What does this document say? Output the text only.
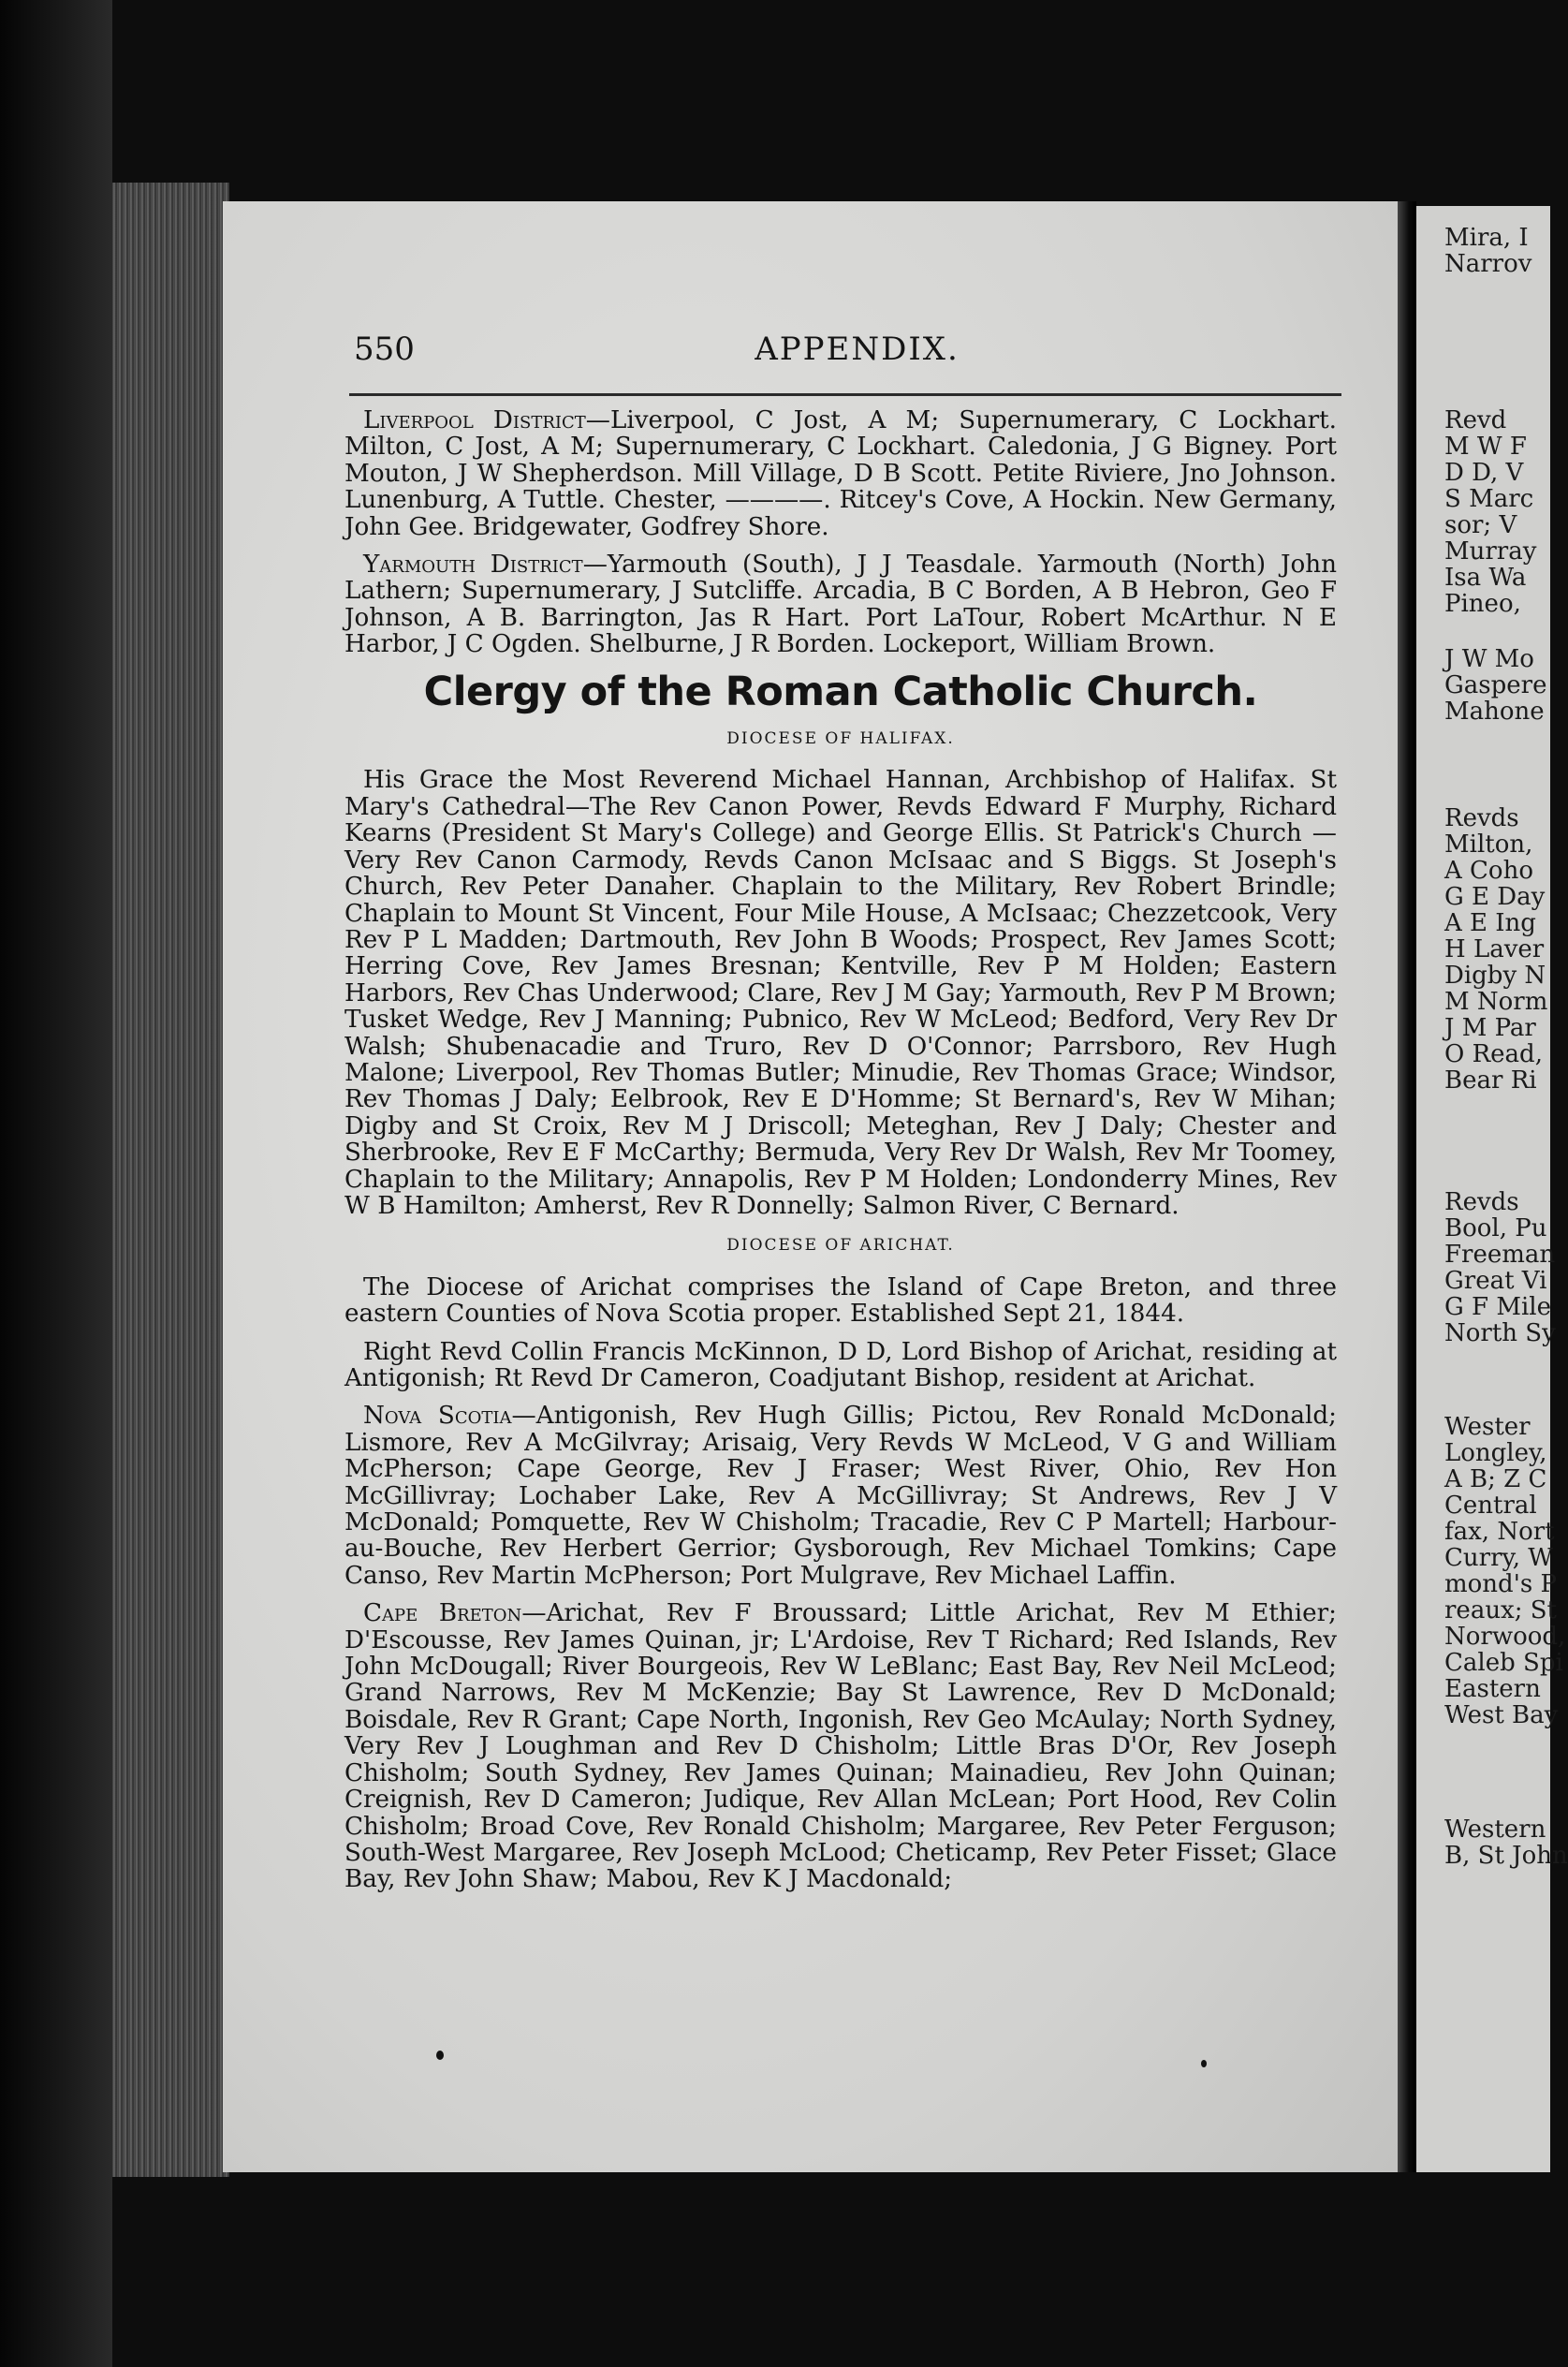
550	APPENDIX.

Liverpool District—Liverpool, C Jost, A M; Supernumerary, C Lockhart. Milton, C Jost, A M; Supernumerary, C Lockhart. Caledonia, J G Bigney. Port Mouton, J W Shepherdson. Mill Village, D B Scott. Petite Riviere, Jno Johnson. Lunenburg, A Tuttle. Chester, ————. Ritcey's Cove, A Hockin. New Germany, John Gee. Bridgewater, Godfrey Shore.

Yarmouth District—Yarmouth (South), J J Teasdale. Yarmouth (North) John Lathern; Supernumerary, J Sutcliffe. Arcadia, B C Borden, A B Hebron, Geo F Johnson, A B. Barrington, Jas R Hart. Port LaTour, Robert McArthur. N E Harbor, J C Ogden. Shelburne, J R Borden. Lockeport, William Brown.

Clergy of the Roman Catholic Church.
DIOCESE OF HALIFAX.

His Grace the Most Reverend Michael Hannan, Archbishop of Halifax. St Mary's Cathedral—The Rev Canon Power, Revds Edward F Murphy, Richard Kearns (President St Mary's College) and George Ellis. St Patrick's Church —Very Rev Canon Carmody, Revds Canon McIsaac and S Biggs. St Joseph's Church, Rev Peter Danaher. Chaplain to the Military, Rev Robert Brindle; Chaplain to Mount St Vincent, Four Mile House, A McIsaac; Chezzetcook, Very Rev P L Madden; Dartmouth, Rev John B Woods; Prospect, Rev James Scott; Herring Cove, Rev James Bresnan; Kentville, Rev P M Holden; Eastern Harbors, Rev Chas Underwood; Clare, Rev J M Gay; Yarmouth, Rev P M Brown; Tusket Wedge, Rev J Manning; Pubnico, Rev W McLeod; Bedford, Very Rev Dr Walsh; Shubenacadie and Truro, Rev D O'Connor; Parrsboro, Rev Hugh Malone; Liverpool, Rev Thomas Butler; Minudie, Rev Thomas Grace; Windsor, Rev Thomas J Daly; Eelbrook, Rev E D'Homme; St Bernard's, Rev W Mihan; Digby and St Croix, Rev M J Driscoll; Meteghan, Rev J Daly; Chester and Sherbrooke, Rev E F McCarthy; Bermuda, Very Rev Dr Walsh, Rev Mr Toomey, Chaplain to the Military; Annapolis, Rev P M Holden; Londonderry Mines, Rev W B Hamilton; Amherst, Rev R Donnelly; Salmon River, C Bernard.

DIOCESE OF ARICHAT.

The Diocese of Arichat comprises the Island of Cape Breton, and three eastern Counties of Nova Scotia proper. Established Sept 21, 1844.

Right Revd Collin Francis McKinnon, D D, Lord Bishop of Arichat, residing at Antigonish; Rt Revd Dr Cameron, Coadjutant Bishop, resident at Arichat.

Nova Scotia—Antigonish, Rev Hugh Gillis; Pictou, Rev Ronald McDonald; Lismore, Rev A McGilvray; Arisaig, Very Revds W McLeod, V G and William McPherson; Cape George, Rev J Fraser; West River, Ohio, Rev Hon McGillivray; Lochaber Lake, Rev A McGillivray; St Andrews, Rev J V McDonald; Pomquette, Rev W Chisholm; Tracadie, Rev C P Martell; Harbour-au-Bouche, Rev Herbert Gerrior; Gysborough, Rev Michael Tomkins; Cape Canso, Rev Martin McPherson; Port Mulgrave, Rev Michael Laffin.

Cape Breton—Arichat, Rev F Broussard; Little Arichat, Rev M Ethier; D'Escousse, Rev James Quinan, jr; L'Ardoise, Rev T Richard; Red Islands, Rev John McDougall; River Bourgeois, Rev W LeBlanc; East Bay, Rev Neil McLeod; Grand Narrows, Rev M McKenzie; Bay St Lawrence, Rev D McDonald; Boisdale, Rev R Grant; Cape North, Ingonish, Rev Geo McAulay; North Sydney, Very Rev J Loughman and Rev D Chisholm; Little Bras D'Or, Rev Joseph Chisholm; South Sydney, Rev James Quinan; Mainadieu, Rev John Quinan; Creignish, Rev D Cameron; Judique, Rev Allan McLean; Port Hood, Rev Colin Chisholm; Broad Cove, Rev Ronald Chisholm; Margaree, Rev Peter Ferguson; South-West Margaree, Rev Joseph McLood; Cheticamp, Rev Peter Fisset; Glace Bay, Rev John Shaw; Mabou, Rev K J Macdonald;

Mira, I
Narrov
Revd
M W F
D D, V
S Marc
sor; V
Murray
Isa Wa
Pineo,
J W Mo
Gaspere
Mahone
Revds
Milton,
A Coho
G E Day
A E Ing
H Laver
Digby N
M Norm
J M Par
O Read,
Bear Ri
Revds
Bool, Pu
Freeman
Great Vi
G F Mile
North Sy
Wester
Longley,
A B; Z C
Central
fax, Nort
Curry, W
mond's P
reaux; St
Norwood,
Caleb Spi
Eastern
West Bay
Western
B, St John
